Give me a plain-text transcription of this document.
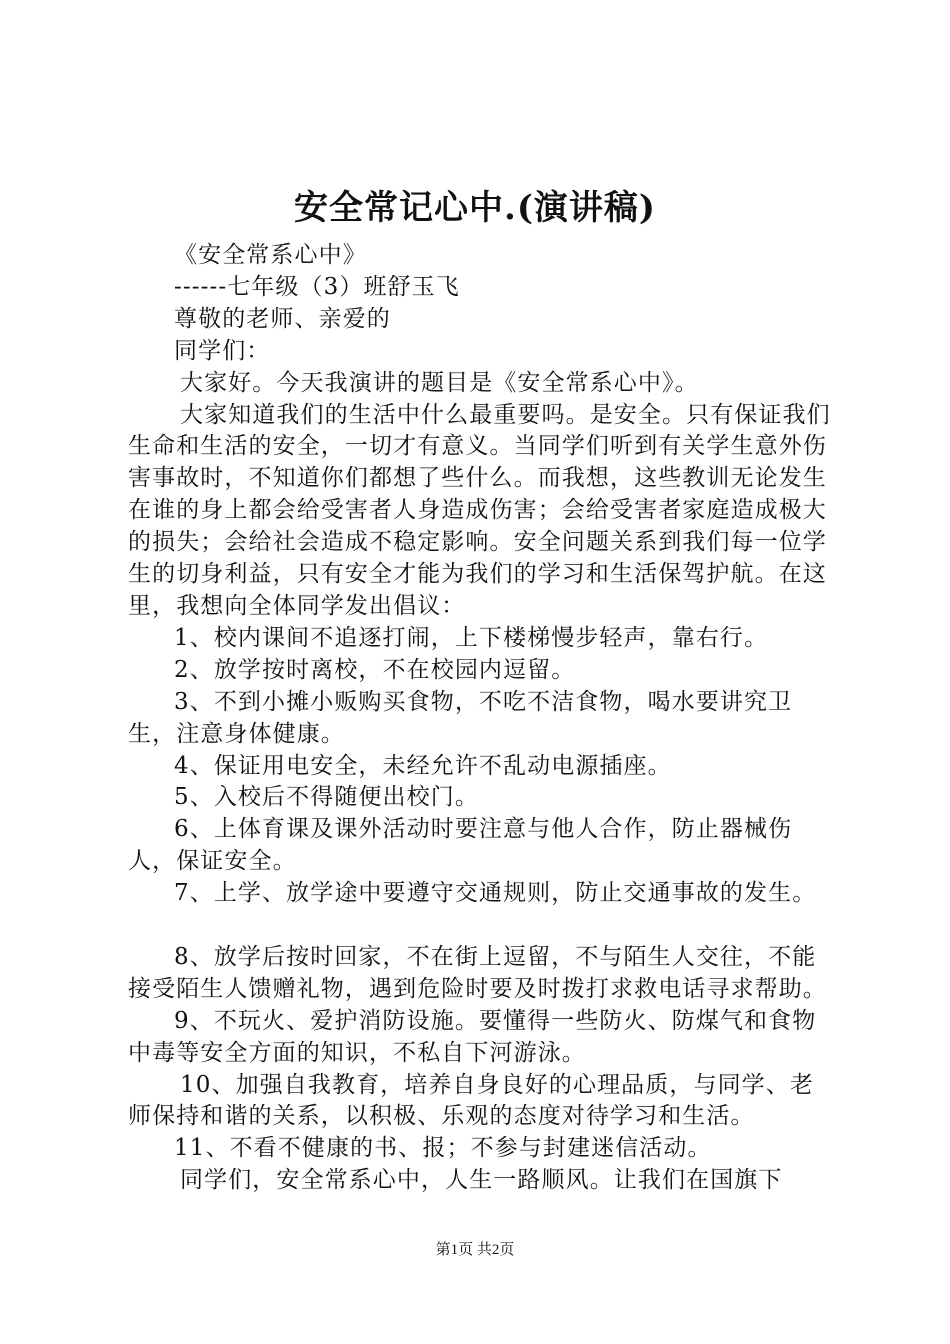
安全常记心中.(演讲稿)

《安全常系心中》

------七年级（3）班舒玉飞

尊敬的老师、亲爱的

同学们：

大家好。今天我演讲的题目是《安全常系心中》。

大家知道我们的生活中什么最重要吗。是安全。只有保证我们生命和生活的安全，一切才有意义。当同学们听到有关学生意外伤害事故时，不知道你们都想了些什么。而我想，这些教训无论发生在谁的身上都会给受害者人身造成伤害；会给受害者家庭造成极大的损失；会给社会造成不稳定影响。安全问题关系到我们每一位学生的切身利益，只有安全才能为我们的学习和生活保驾护航。在这里，我想向全体同学发出倡议：

1、校内课间不追逐打闹，上下楼梯慢步轻声，靠右行。

2、放学按时离校，不在校园内逗留。

3、不到小摊小贩购买食物，不吃不洁食物，喝水要讲究卫生，注意身体健康。

4、保证用电安全，未经允许不乱动电源插座。

5、入校后不得随便出校门。

6、上体育课及课外活动时要注意与他人合作，防止器械伤人，保证安全。

7、上学、放学途中要遵守交通规则，防止交通事故的发生。

8、放学后按时回家，不在街上逗留，不与陌生人交往，不能接受陌生人馈赠礼物，遇到危险时要及时拨打求救电话寻求帮助。

9、不玩火、爱护消防设施。要懂得一些防火、防煤气和食物中毒等安全方面的知识，不私自下河游泳。

10、加强自我教育，培养自身良好的心理品质，与同学、老师保持和谐的关系，以积极、乐观的态度对待学习和生活。

11、不看不健康的书、报；不参与封建迷信活动。

同学们，安全常系心中，人生一路顺风。让我们在国旗下

第1页 共2页
